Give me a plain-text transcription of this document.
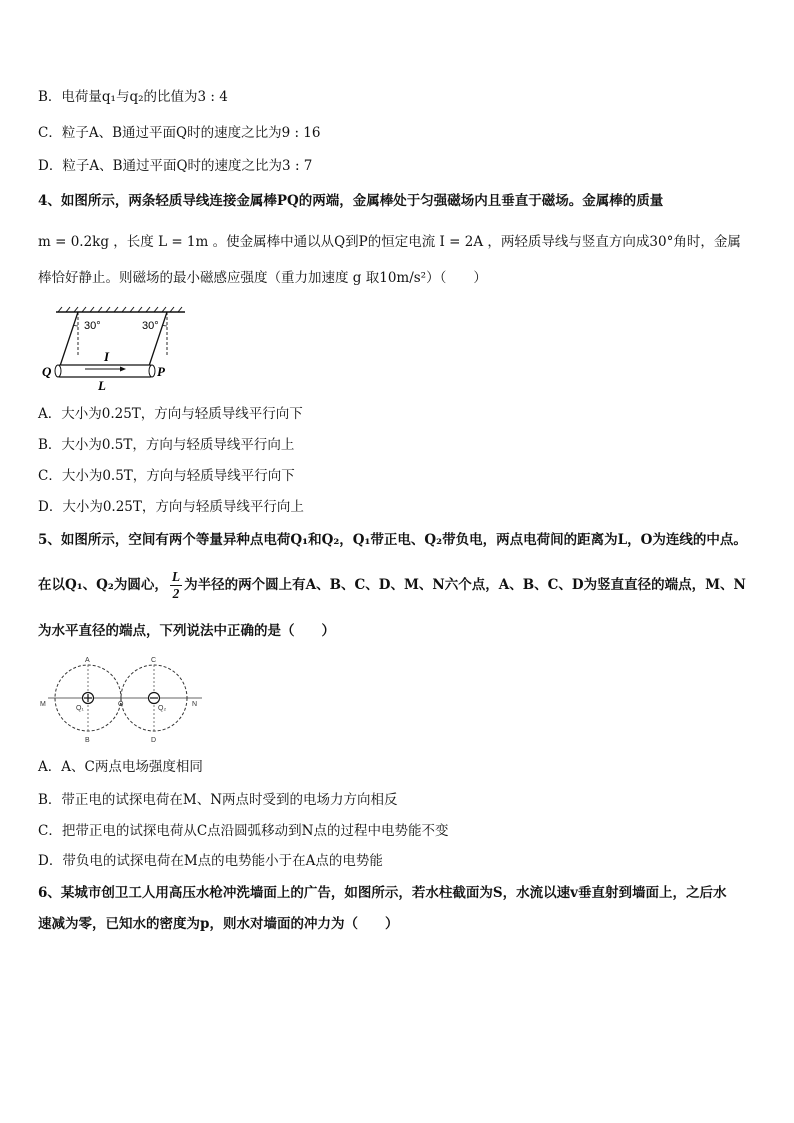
B．电荷量q₁与q₂的比值为3 : 4
C．粒子A、B通过平面Q时的速度之比为9 : 16
D．粒子A、B通过平面Q时的速度之比为3 : 7
4、如图所示，两条轻质导线连接金属棒PQ的两端，金属棒处于匀强磁场内且垂直于磁场。金属棒的质量
m = 0.2kg ，长度 L = 1m 。使金属棒中通以从Q到P的恒定电流 I = 2A ，两轻质导线与竖直方向成30°角时，金属
棒恰好静止。则磁场的最小磁感应强度（重力加速度 g 取10m/s²）（　　）
30°	30°
I
L
Q	P
A．大小为0.25T，方向与轻质导线平行向下
B．大小为0.5T，方向与轻质导线平行向上
C．大小为0.5T，方向与轻质导线平行向下
D．大小为0.25T，方向与轻质导线平行向上
5、如图所示，空间有两个等量异种点电荷Q₁和Q₂，Q₁带正电、Q₂带负电，两点电荷间的距离为L，O为连线的中点。
在以Q₁、Q₂为圆心， $\frac{L}{2}$ 为半径的两个圆上有A、B、C、D、M、N六个点，A、B、C、D为竖直直径的端点，M、N
为水平直径的端点，下列说法中正确的是（　　）
A	C
B	D
M	N
O
Q₁	Q₂
A．A、C两点电场强度相同
B．带正电的试探电荷在M、N两点时受到的电场力方向相反
C．把带正电的试探电荷从C点沿圆弧移动到N点的过程中电势能不变
D．带负电的试探电荷在M点的电势能小于在A点的电势能
6、某城市创卫工人用高压水枪冲洗墙面上的广告，如图所示，若水柱截面为S，水流以速v垂直射到墙面上，之后水
速减为零，已知水的密度为p，则水对墙面的冲力为（　　）
